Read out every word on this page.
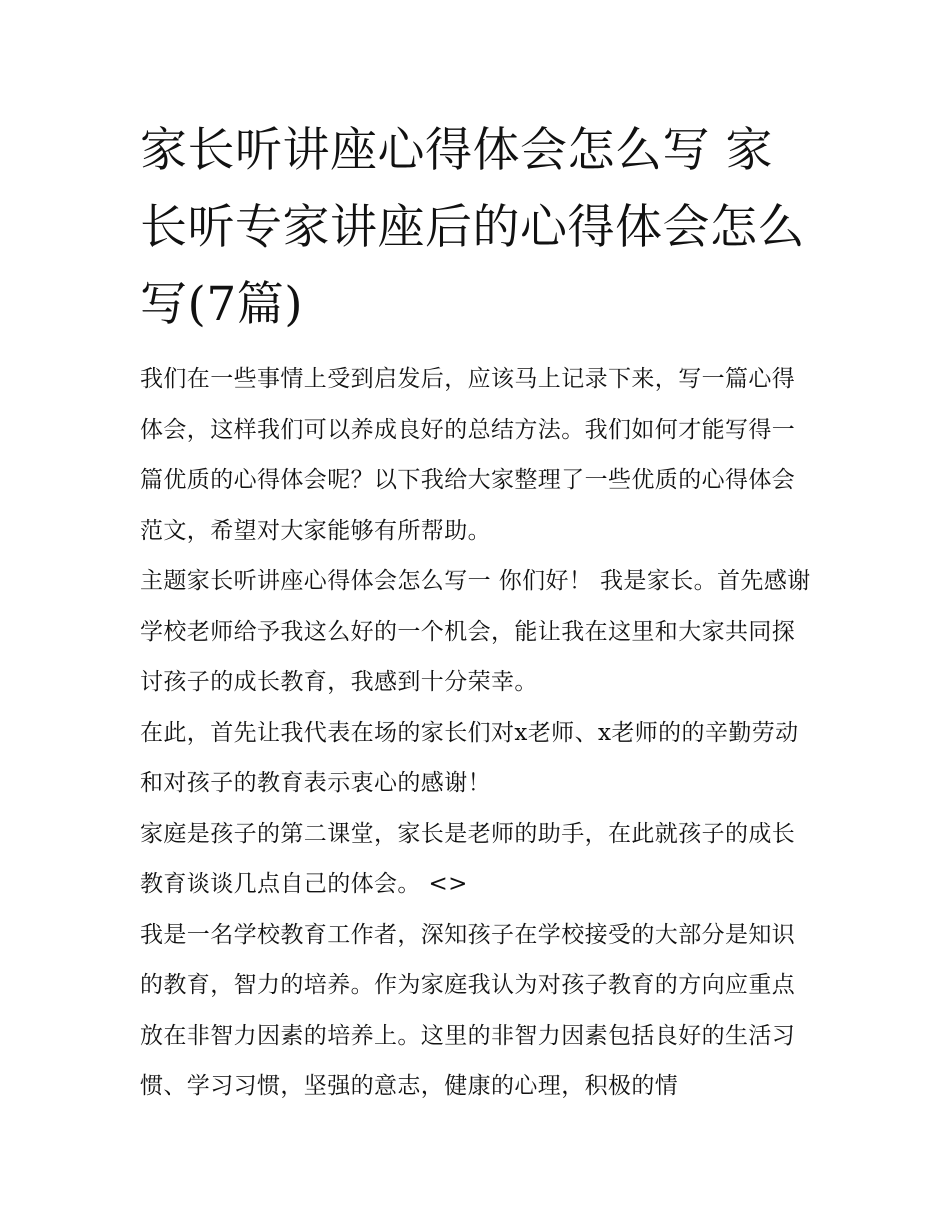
家长听讲座心得体会怎么写 家长听专家讲座后的心得体会怎么写(7篇)

我们在一些事情上受到启发后，应该马上记录下来，写一篇心得体会，这样我们可以养成良好的总结方法。我们如何才能写得一篇优质的心得体会呢？以下我给大家整理了一些优质的心得体会范文，希望对大家能够有所帮助。

主题家长听讲座心得体会怎么写一 你们好！ 我是家长。首先感谢学校老师给予我这么好的一个机会，能让我在这里和大家共同探讨孩子的成长教育，我感到十分荣幸。

在此，首先让我代表在场的家长们对x老师、x老师的的辛勤劳动和对孩子的教育表示衷心的感谢！

家庭是孩子的第二课堂，家长是老师的助手，在此就孩子的成长教育谈谈几点自己的体会。 <>

我是一名学校教育工作者，深知孩子在学校接受的大部分是知识的教育，智力的培养。作为家庭我认为对孩子教育的方向应重点放在非智力因素的培养上。这里的非智力因素包括良好的生活习惯、学习习惯，坚强的意志，健康的心理，积极的情
